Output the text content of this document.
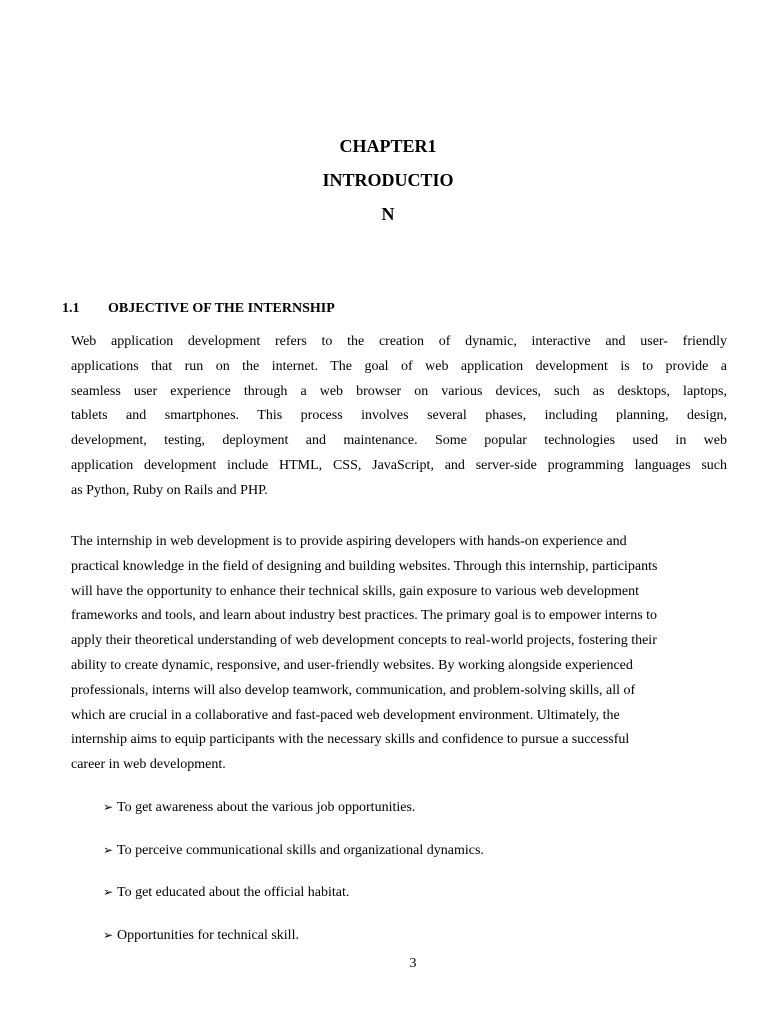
CHAPTER1
INTRODUCTIO
N
1.1 OBJECTIVE OF THE INTERNSHIP
Web application development refers to the creation of dynamic, interactive and user- friendly
applications that run on the internet. The goal of web application development is to provide a
seamless user experience through a web browser on various devices, such as desktops, laptops,
tablets and smartphones. This process involves several phases, including planning, design,
development, testing, deployment and maintenance. Some popular technologies used in web
application development include HTML, CSS, JavaScript, and server-side programming languages such
as Python, Ruby on Rails and PHP.
The internship in web development is to provide aspiring developers with hands-on experience and
practical knowledge in the field of designing and building websites. Through this internship, participants
will have the opportunity to enhance their technical skills, gain exposure to various web development
frameworks and tools, and learn about industry best practices. The primary goal is to empower interns to
apply their theoretical understanding of web development concepts to real-world projects, fostering their
ability to create dynamic, responsive, and user-friendly websites. By working alongside experienced
professionals, interns will also develop teamwork, communication, and problem-solving skills, all of
which are crucial in a collaborative and fast-paced web development environment. Ultimately, the
internship aims to equip participants with the necessary skills and confidence to pursue a successful
career in web development.
➢ To get awareness about the various job opportunities.
➢ To perceive communicational skills and organizational dynamics.
➢ To get educated about the official habitat.
➢ Opportunities for technical skill.
3
